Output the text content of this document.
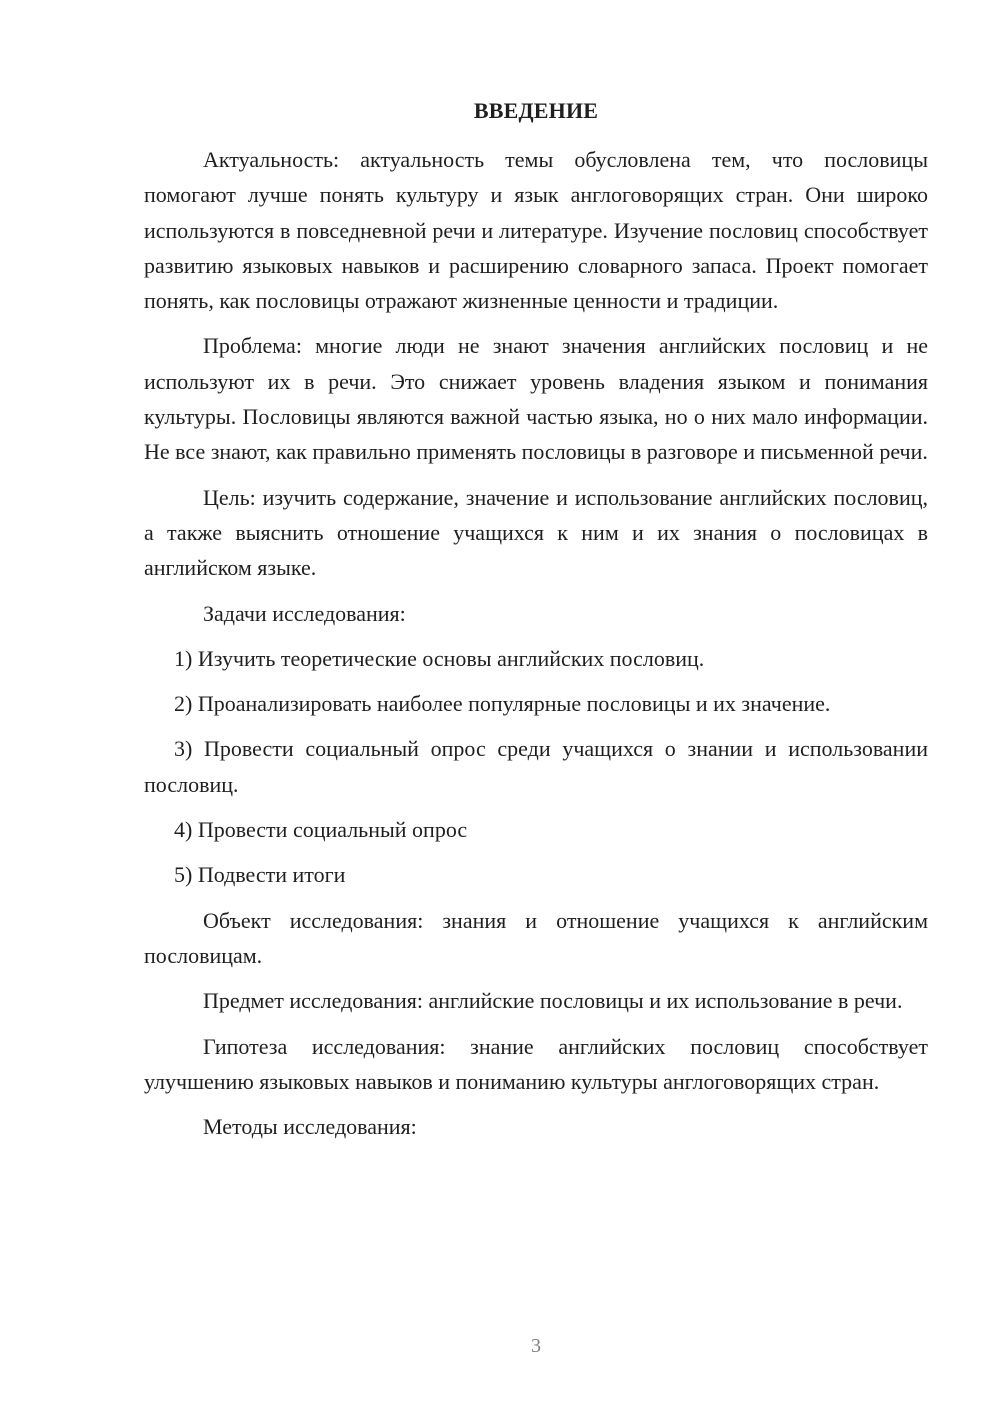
ВВЕДЕНИЕ

Актуальность: актуальность темы обусловлена тем, что пословицы помогают лучше понять культуру и язык англоговорящих стран. Они широко используются в повседневной речи и литературе. Изучение пословиц способствует развитию языковых навыков и расширению словарного запаса. Проект помогает понять, как пословицы отражают жизненные ценности и традиции.

Проблема: многие люди не знают значения английских пословиц и не используют их в речи. Это снижает уровень владения языком и понимания культуры. Пословицы являются важной частью языка, но о них мало информации. Не все знают, как правильно применять пословицы в разговоре и письменной речи.

Цель: изучить содержание, значение и использование английских пословиц, а также выяснить отношение учащихся к ним и их знания о пословицах в английском языке.

Задачи исследования:

1) Изучить теоретические основы английских пословиц.

2) Проанализировать наиболее популярные пословицы и их значение.

3) Провести социальный опрос среди учащихся о знании и использовании пословиц.

4) Провести социальный опрос

5) Подвести итоги

Объект исследования: знания и отношение учащихся к английским пословицам.

Предмет исследования: английские пословицы и их использование в речи.

Гипотеза исследования: знание английских пословиц способствует улучшению языковых навыков и пониманию культуры англоговорящих стран.

Методы исследования:

3
